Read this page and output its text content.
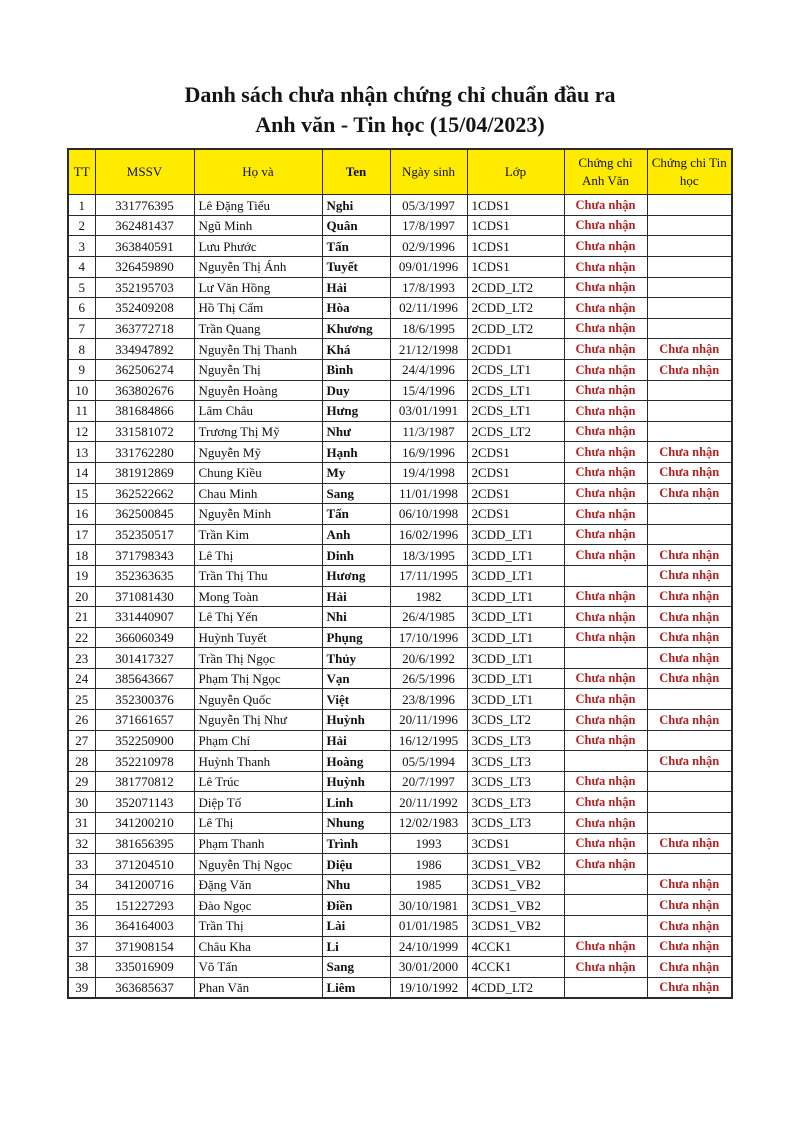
Danh sách chưa nhận chứng chỉ chuẩn đầu ra
Anh văn - Tin học (15/04/2023)
TT	MSSV	Họ và	Ten	Ngày sinh	Lớp	Chứng chi Anh Văn	Chứng chi Tin học
1	331776395	Lê Đặng Tiểu	Nghi	05/3/1997	1CDS1	Chưa nhận	
2	362481437	Ngũ Minh	Quân	17/8/1997	1CDS1	Chưa nhận	
3	363840591	Lưu Phước	Tấn	02/9/1996	1CDS1	Chưa nhận	
4	326459890	Nguyễn Thị Ánh	Tuyết	09/01/1996	1CDS1	Chưa nhận	
5	352195703	Lư Văn Hồng	Hải	17/8/1993	2CDD_LT2	Chưa nhận	
6	352409208	Hồ Thị Cẩm	Hòa	02/11/1996	2CDD_LT2	Chưa nhận	
7	363772718	Trần Quang	Khương	18/6/1995	2CDD_LT2	Chưa nhận	
8	334947892	Nguyễn Thị Thanh	Khá	21/12/1998	2CDD1	Chưa nhận	Chưa nhận
9	362506274	Nguyễn Thị	Bình	24/4/1996	2CDS_LT1	Chưa nhận	Chưa nhận
10	363802676	Nguyễn Hoàng	Duy	15/4/1996	2CDS_LT1	Chưa nhận	
11	381684866	Lâm Châu	Hưng	03/01/1991	2CDS_LT1	Chưa nhận	
12	331581072	Trương Thị Mỹ	Như	11/3/1987	2CDS_LT2	Chưa nhận	
13	331762280	Nguyễn Mỹ	Hạnh	16/9/1996	2CDS1	Chưa nhận	Chưa nhận
14	381912869	Chung Kiều	My	19/4/1998	2CDS1	Chưa nhận	Chưa nhận
15	362522662	Chau Minh	Sang	11/01/1998	2CDS1	Chưa nhận	Chưa nhận
16	362500845	Nguyễn Minh	Tấn	06/10/1998	2CDS1	Chưa nhận	
17	352350517	Trần Kim	Anh	16/02/1996	3CDD_LT1	Chưa nhận	
18	371798343	Lê Thị	Dinh	18/3/1995	3CDD_LT1	Chưa nhận	Chưa nhận
19	352363635	Trần Thị Thu	Hương	17/11/1995	3CDD_LT1		Chưa nhận
20	371081430	Mong Toàn	Hải	1982	3CDD_LT1	Chưa nhận	Chưa nhận
21	331440907	Lê Thị Yến	Nhi	26/4/1985	3CDD_LT1	Chưa nhận	Chưa nhận
22	366060349	Huỳnh Tuyết	Phụng	17/10/1996	3CDD_LT1	Chưa nhận	Chưa nhận
23	301417327	Trần Thị Ngọc	Thủy	20/6/1992	3CDD_LT1		Chưa nhận
24	385643667	Phạm Thị Ngọc	Vạn	26/5/1996	3CDD_LT1	Chưa nhận	Chưa nhận
25	352300376	Nguyễn Quốc	Việt	23/8/1996	3CDD_LT1	Chưa nhận	
26	371661657	Nguyễn Thị Như	Huỳnh	20/11/1996	3CDS_LT2	Chưa nhận	Chưa nhận
27	352250900	Phạm Chí	Hải	16/12/1995	3CDS_LT3	Chưa nhận	
28	352210978	Huỳnh Thanh	Hoàng	05/5/1994	3CDS_LT3		Chưa nhận
29	381770812	Lê Trúc	Huỳnh	20/7/1997	3CDS_LT3	Chưa nhận	
30	352071143	Diệp Tố	Linh	20/11/1992	3CDS_LT3	Chưa nhận	
31	341200210	Lê Thị	Nhung	12/02/1983	3CDS_LT3	Chưa nhận	
32	381656395	Phạm Thanh	Trình	1993	3CDS1	Chưa nhận	Chưa nhận
33	371204510	Nguyễn Thị Ngọc	Diệu	1986	3CDS1_VB2	Chưa nhận	
34	341200716	Đặng Văn	Nhu	1985	3CDS1_VB2		Chưa nhận
35	151227293	Đào Ngọc	Điền	30/10/1981	3CDS1_VB2		Chưa nhận
36	364164003	Trần Thị	Lài	01/01/1985	3CDS1_VB2		Chưa nhận
37	371908154	Châu Kha	Li	24/10/1999	4CCK1	Chưa nhận	Chưa nhận
38	335016909	Võ Tấn	Sang	30/01/2000	4CCK1	Chưa nhận	Chưa nhận
39	363685637	Phan Văn	Liêm	19/10/1992	4CDD_LT2		Chưa nhận
